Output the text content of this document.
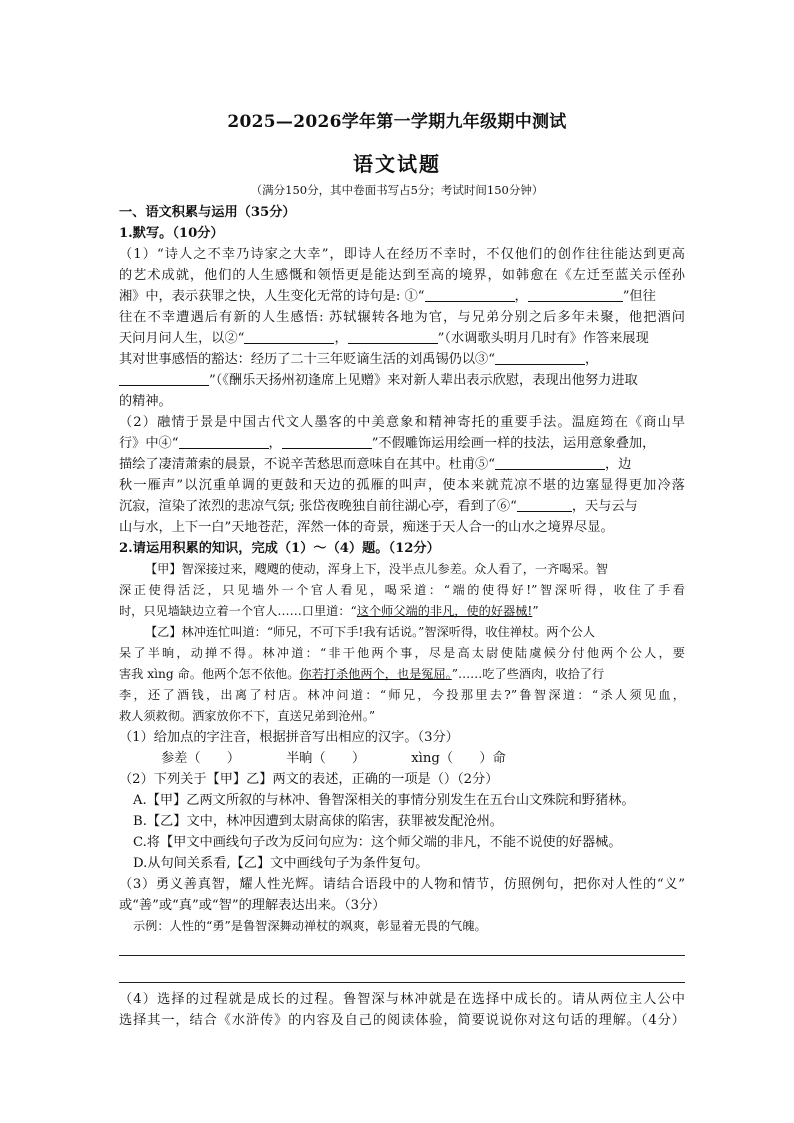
2025—2026学年第一学期九年级期中测试
语文试题
（满分150分，其中卷面书写占5分；考试时间150分钟）
一、语文积累与运用（35分）
1.默写。（10分）
（1）“诗人之不幸乃诗家之大幸”，即诗人在经历不幸时，不仅他们的创作往往能达到更高
的艺术成就，他们的人生感慨和领悟更是能达到至高的境界，如韩愈在《左迁至蓝关示侄孙
湘》中，表示获罪之快，人生变化无常的诗句是: ①“	，	”但往
往在不幸遭遇后有新的人生感悟: 苏轼辗转各地为官，与兄弟分别之后多年未聚，他把酒问
天问月问人生，以②“	，	”（水调歌头明月几时有》作答来展现
其对世事感悟的豁达：经历了二十三年贬谪生活的刘禹锡仍以③“	，
”（《酬乐天扬州初逢席上见赠》来对新人辈出表示欣慰，表现出他努力进取
的精神。
（2）融情于景是中国古代文人墨客的中美意象和精神寄托的重要手法。温庭筠在《商山早
行》中④“	，	”不假雕饰运用绘画一样的技法，运用意象叠加，
描绘了凄清萧索的晨景，不说辛苦愁思而意味自在其中。杜甫⑤“	，边
秋一雁声”以沉重单调的更鼓和天边的孤雁的叫声，使本来就荒凉不堪的边塞显得更加冷落
沉寂，渲染了浓烈的悲凉气氛; 张岱夜晚独自前往湖心亭，看到了⑥“	，天与云与
山与水，上下一白”天地苍茫，浑然一体的奇景，痴迷于天人合一的山水之境界尽显。
2.请运用积累的知识，完成（1）～（4）题。（12分）
【甲】智深接过来，飕飕的使动，浑身上下，没半点儿参差。众人看了，一齐喝采。智
深正使得活泛，只见墙外一个官人看见，喝采道：“端的使得好!”智深听得，收住了手看
时，只见墙缺边立着一个官人……口里道：“这个师父端的非凡，使的好器械!”
【乙】林冲连忙叫道：“师兄，不可下手!我有话说。”智深听得，收住禅杖。两个公人
呆了半晌，动掸不得。林冲道：“非干他两个事，尽是高太尉使陆虞候分付他两个公人，要
害我 xìng 命。他两个怎不依他。你若打杀他两个，也是冤屈。”……吃了些酒肉，收拾了行
李，还了酒钱，出离了村店。林冲问道：“师兄，今投那里去?”鲁智深道：“杀人须见血，
救人须救彻。洒家放你不下，直送兄弟到沧州。”
（1）给加点的字注音，根据拼音写出相应的汉字。（3分）
参差（　　）	半晌（　　）	xìng（　　）命
（2）下列关于【甲】乙】两文的表述，正确的一项是（）（2分）
A.【甲】乙两文所叙的与林冲、鲁智深相关的事情分别发生在五台山文殊院和野猪林。
B.【乙】文中，林冲因遭到太尉高俅的陷害，获罪被发配沧州。
C.将【甲文中画线句子改为反问句应为：这个师父端的非凡，不能不说使的好器械。
D.从句间关系看,【乙】文中画线句子为条件复句。
（3）勇义善真智，耀人性光辉。请结合语段中的人物和情节，仿照例句，把你对人性的“义”
或“善”或“真”或“智”的理解表达出来。（3分）
示例：人性的“勇”是鲁智深舞动禅杖的飒爽，彰显着无畏的气魄。
（4）选择的过程就是成长的过程。鲁智深与林冲就是在选择中成长的。请从两位主人公中
选择其一，结合《水浒传》的内容及自己的阅读体验，简要说说你对这句话的理解。（4分）
